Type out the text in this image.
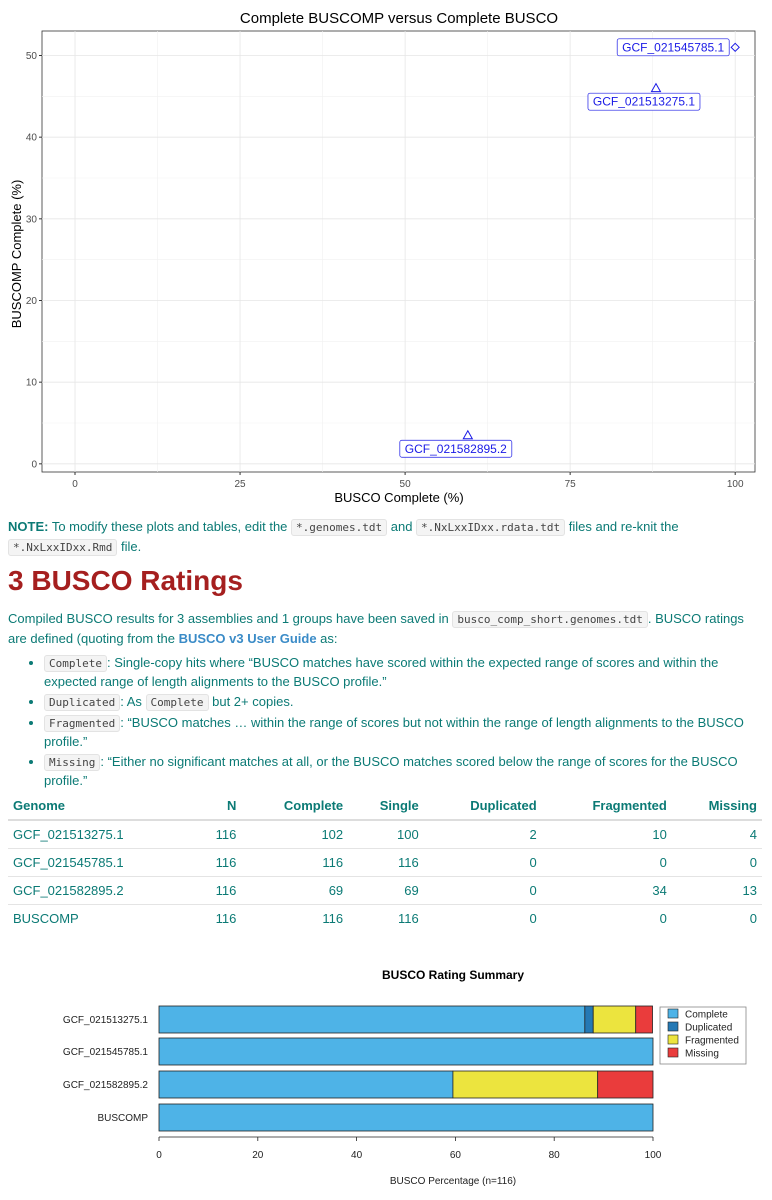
Complete BUSCOMP versus Complete BUSCO
0	25	50	75	100
0
10
20
30
40
50
GCF_021545785.1
GCF_021513275.1
GCF_021582895.2
BUSCO Complete (%)
BUSCOMP Complete (%)
NOTE: To modify these plots and tables, edit the *.genomes.tdt and *.NxLxxIDxx.rdata.tdt files and re-knit the *.NxLxxIDxx.Rmd file.
3 BUSCO Ratings
Compiled BUSCO results for 3 assemblies and 1 groups have been saved in busco_comp_short.genomes.tdt . BUSCO ratings are defined (quoting from the BUSCO v3 User Guide as:
• Complete : Single-copy hits where “BUSCO matches have scored within the expected range of scores and within the expected range of length alignments to the BUSCO profile.”
• Duplicated : As Complete but 2+ copies.
• Fragmented : “BUSCO matches … within the range of scores but not within the range of length alignments to the BUSCO profile.”
• Missing : “Either no significant matches at all, or the BUSCO matches scored below the range of scores for the BUSCO profile.”
Genome	N	Complete	Single	Duplicated	Fragmented	Missing
GCF_021513275.1	116	102	100	2	10	4
GCF_021545785.1	116	116	116	0	0	0
GCF_021582895.2	116	69	69	0	34	13
BUSCOMP	116	116	116	0	0	0
BUSCO Rating Summary
0	20	40	60	80	100
GCF_021513275.1
GCF_021545785.1
GCF_021582895.2
BUSCOMP
Complete
Duplicated
Fragmented
Missing
BUSCO Percentage (n=116)
